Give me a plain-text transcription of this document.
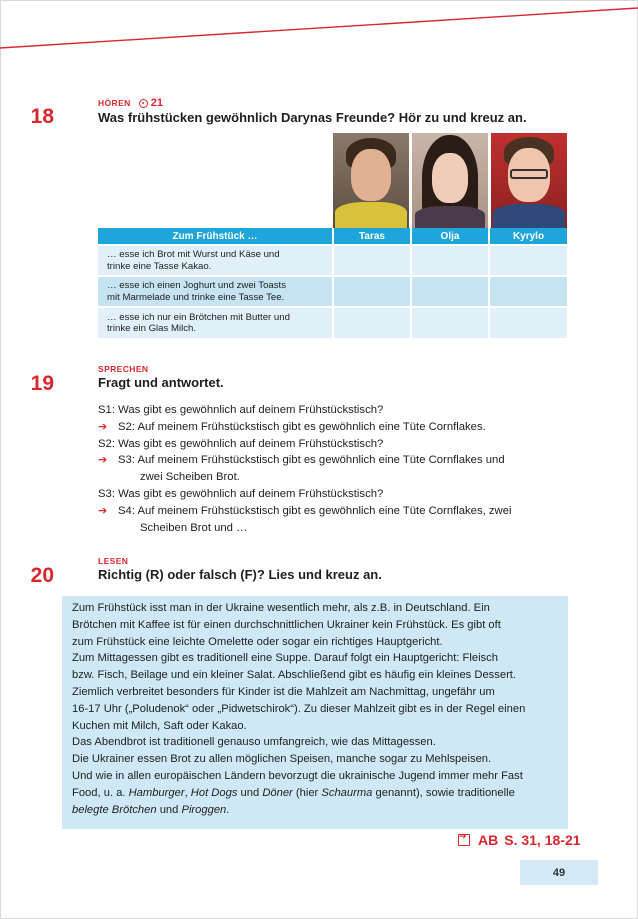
18
HÖREN 21
Was frühstücken gewöhnlich Darynas Freunde? Hör zu und kreuz an.
Zum Frühstück …	Taras	Olja	Kyrylo
… esse ich Brot mit Wurst und Käse und
trinke eine Tasse Kakao.			
… esse ich einen Joghurt und zwei Toasts
mit Marmelade und trinke eine Tasse Tee.			
… esse ich nur ein Brötchen mit Butter und
trinke ein Glas Milch.			
19
SPRECHEN
Fragt und antwortet.
S1: Was gibt es gewöhnlich auf deinem Frühstückstisch?
➔ S2: Auf meinem Frühstückstisch gibt es gewöhnlich eine Tüte Cornflakes.
S2: Was gibt es gewöhnlich auf deinem Frühstückstisch?
➔ S3: Auf meinem Frühstückstisch gibt es gewöhnlich eine Tüte Cornflakes und
zwei Scheiben Brot.
S3: Was gibt es gewöhnlich auf deinem Frühstückstisch?
➔ S4: Auf meinem Frühstückstisch gibt es gewöhnlich eine Tüte Cornflakes, zwei
Scheiben Brot und …
20
LESEN
Richtig (R) oder falsch (F)? Lies und kreuz an.

Zum Frühstück isst man in der Ukraine wesentlich mehr, als z.B. in Deutschland. Ein

Brötchen mit Kaffee ist für einen durchschnittlichen Ukrainer kein Frühstück. Es gibt oft

zum Frühstück eine leichte Omelette oder sogar ein richtiges Hauptgericht.

Zum Mittagessen gibt es traditionell eine Suppe. Darauf folgt ein Hauptgericht: Fleisch

bzw. Fisch, Beilage und ein kleiner Salat. Abschließend gibt es häufig ein kleines Dessert.

Ziemlich verbreitet besonders für Kinder ist die Mahlzeit am Nachmittag, ungefähr um

16-17 Uhr („Poludenok“ oder „Pidwetschirok“). Zu dieser Mahlzeit gibt es in der Regel einen

Kuchen mit Milch, Saft oder Kakao.

Das Abendbrot ist traditionell genauso umfangreich, wie das Mittagessen.

Die Ukrainer essen Brot zu allen möglichen Speisen, manche sogar zu Mehlspeisen.

Und wie in allen europäischen Ländern bevorzugt die ukrainische Jugend immer mehr Fast

Food, u. a. Hamburger, Hot Dogs und Döner (hier Schaurma genannt), sowie traditionelle

belegte Brötchen und Piroggen.

➔
AB S. 31, 18-21
49
